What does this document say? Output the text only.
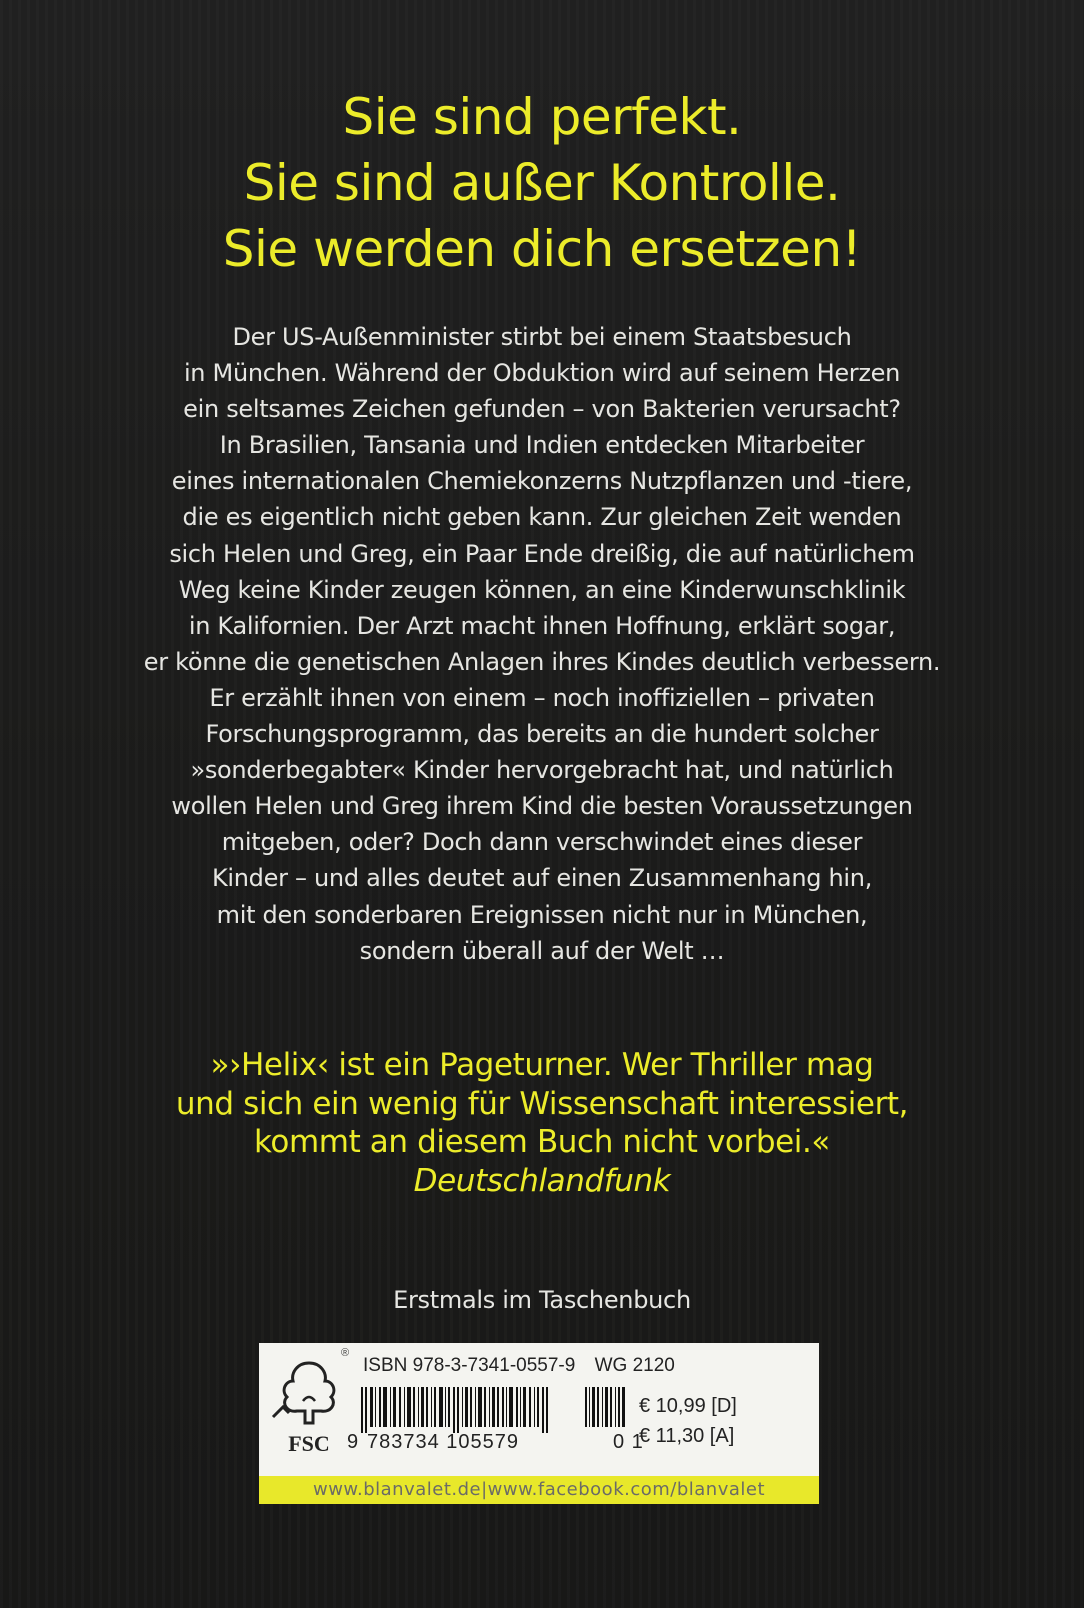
Sie sind perfekt.

Sie sind außer Kontrolle.

Sie werden dich ersetzen!

Der US-Außenminister stirbt bei einem Staatsbesuch
in München. Während der Obduktion wird auf seinem Herzen
ein seltsames Zeichen gefunden – von Bakterien verursacht?
In Brasilien, Tansania und Indien entdecken Mitarbeiter
eines internationalen Chemiekonzerns Nutzpflanzen und -tiere,
die es eigentlich nicht geben kann. Zur gleichen Zeit wenden
sich Helen und Greg, ein Paar Ende dreißig, die auf natürlichem
Weg keine Kinder zeugen können, an eine Kinderwunschklinik
in Kalifornien. Der Arzt macht ihnen Hoffnung, erklärt sogar,
er könne die genetischen Anlagen ihres Kindes deutlich verbessern.
Er erzählt ihnen von einem – noch inoffiziellen – privaten
Forschungsprogramm, das bereits an die hundert solcher
»sonderbegabter« Kinder hervorgebracht hat, und natürlich
wollen Helen und Greg ihrem Kind die besten Voraussetzungen
mitgeben, oder? Doch dann verschwindet eines dieser
Kinder – und alles deutet auf einen Zusammenhang hin,
mit den sonderbaren Ereignissen nicht nur in München,
sondern überall auf der Welt …
»›Helix‹ ist ein Pageturner. Wer Thriller mag
und sich ein wenig für Wissenschaft interessiert,
kommt an diesem Buch nicht vorbei.«
Deutschlandfunk
Erstmals im Taschenbuch
FSC
®
ISBN 978-3-7341-0557-9 WG 2120
9 783734 105579	0 1
€ 10,99 [D]
€ 11,30 [A]
www.blanvalet.de|www.facebook.com/blanvalet
